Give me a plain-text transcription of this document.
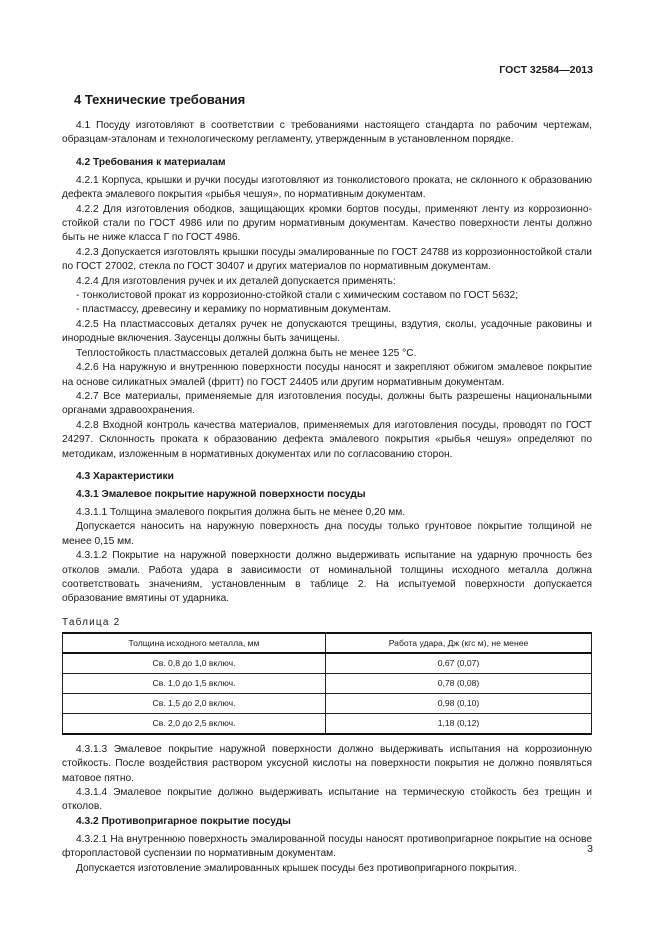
ГОСТ 32584—2013
4 Технические требования

4.1 Посуду изготовляют в соответствии с требованиями настоящего стандарта по рабочим чертежам, образцам-эталонам и технологическому регламенту, утвержденным в установленном порядке.

4.2 Требования к материалам

4.2.1 Корпуса, крышки и ручки посуды изготовляют из тонколистового проката, не склонного к образованию дефекта эмалевого покрытия «рыбья чешуя», по нормативным документам.

4.2.2 Для изготовления ободков, защищающих кромки бортов посуды, применяют ленту из коррозионно-стойкой стали по ГОСТ 4986 или по другим нормативным документам. Качество поверхности ленты должно быть не ниже класса Г по ГОСТ 4986.

4.2.3 Допускается изготовлять крышки посуды эмалированные по ГОСТ 24788 из коррозионностойкой стали по ГОСТ 27002, стекла по ГОСТ 30407 и других материалов по нормативным документам.

4.2.4 Для изготовления ручек и их деталей допускается применять:

- тонколистовой прокат из коррозионно-стойкой стали с химическим составом по ГОСТ 5632;

- пластмассу, древесину и керамику по нормативным документам.

4.2.5 На пластмассовых деталях ручек не допускаются трещины, вздутия, сколы, усадочные раковины и инородные включения. Заусенцы должны быть зачищены.

Теплостойкость пластмассовых деталей должна быть не менее 125 °С.

4.2.6 На наружную и внутреннюю поверхности посуды наносят и закрепляют обжигом эмалевое покрытие на основе силикатных эмалей (фритт) по ГОСТ 24405 или другим нормативным документам.

4.2.7 Все материалы, применяемые для изготовления посуды, должны быть разрешены национальными органами здравоохранения.

4.2.8 Входной контроль качества материалов, применяемых для изготовления посуды, проводят по ГОСТ 24297. Склонность проката к образованию дефекта эмалевого покрытия «рыбья чешуя» определяют по методикам, изложенным в нормативных документах или по согласованию сторон.

4.3 Характеристики
4.3.1 Эмалевое покрытие наружной поверхности посуды

4.3.1.1 Толщина эмалевого покрытия должна быть не менее 0,20 мм.

Допускается наносить на наружную поверхность дна посуды только грунтовое покрытие толщиной не менее 0,15 мм.

4.3.1.2 Покрытие на наружной поверхности должно выдерживать испытание на ударную прочность без отколов эмали. Работа удара в зависимости от номинальной толщины исходного металла должна соответствовать значениям, установленным в таблице 2. На испытуемой поверхности допускается образование вмятины от ударника.

Таблица 2
Толщина исходного металла, мм	Работа удара, Дж (кгс м), не менее
Св. 0,8 до 1,0 включ.	0,67 (0,07)
Св. 1,0 до 1,5 включ.	0,78 (0,08)
Св. 1,5 до 2,0 включ.	0,98 (0,10)
Св. 2,0 до 2,5 включ.	1,18 (0,12)

4.3.1.3 Эмалевое покрытие наружной поверхности должно выдерживать испытания на коррозионную стойкость. После воздействия раствором уксусной кислоты на поверхности покрытия не должно появляться матовое пятно.

4.3.1.4 Эмалевое покрытие должно выдерживать испытание на термическую стойкость без трещин и отколов.

4.3.2 Противопригарное покрытие посуды

4.3.2.1 На внутреннюю поверхность эмалированной посуды наносят противопригарное покрытие на основе фторопластовой суспензии по нормативным документам.

Допускается изготовление эмалированных крышек посуды без противопригарного покрытия.

3
